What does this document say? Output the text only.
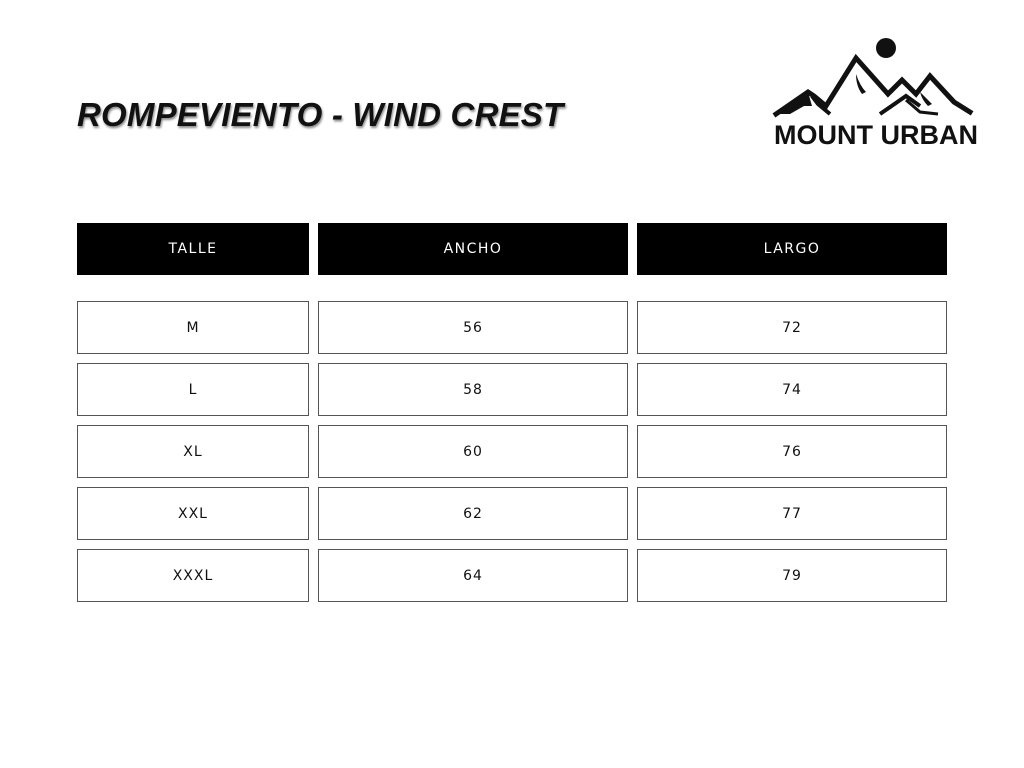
ROMPEVIENTO - WIND CREST
MOUNT URBAN
TALLE	ANCHO	LARGO
M	56	72
L	58	74
XL	60	76
XXL	62	77
XXXL	64	79
